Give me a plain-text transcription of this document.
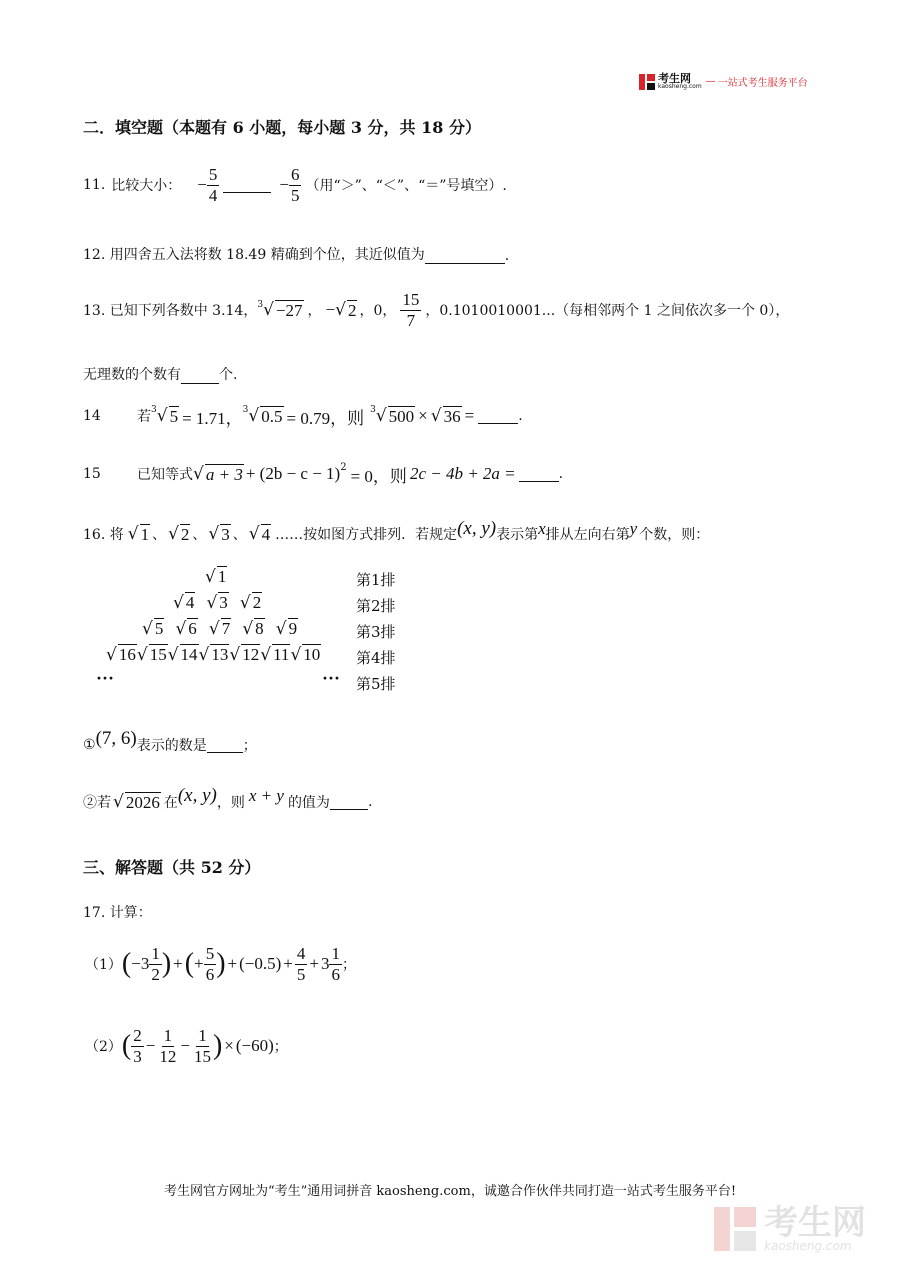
考生网
kaosheng.com — 一站式考生服务平台
二．填空题（本题有 6 小题，每小题 3 分，共 18 分）
11. 比较大小： − $\frac{5}{4}$	− $\frac{6}{5}$ （用“＞”、“＜”、“＝”号填空）.
12. 用四舍五入法将数 18.49 精确到个位，其近似值为	.
13. 已知下列各数中 3.14， 3 √ −27 ， − √ 2 ，0， $\frac{15}{7}$ ，0.1010010001...（每相邻两个 1 之间依次多一个 0），
无理数的个数有	个.
14	若 3 √ 5 = 1.71， 3 √ 0.5 = 0.79，则 3 √ 500 × √ 36 =	.
15	已知等式 √ a + 3 + (2b − c − 1) 2 = 0，则 2c − 4b + 2a =	.
16. 将 √ 1 、 √ 2 、 √ 3 、 √ 4 ……按如图方式排列．若规定 (x, y) 表示第 x 排从左向右第 y 个数，则：
√ 1
√ 4 √ 3 √ 2
√ 5 √ 6 √ 7 √ 8 √ 9
√ 16√ 15√ 14√ 13√ 12√ 11√ 10
···	···
第1排
第2排
第3排
第4排
第5排
① (7, 6) 表示的数是	；
②若 √ 2026 在 (x, y) ，则 x + y 的值为	.
三、解答题（共 52 分）
17. 计算：
（1） ( $-3 \frac{1}{2}$ ) + ( + $\frac{5}{6}$ ) + $(-0.5) + \frac{4}{5} + 3 \frac{1}{6}$ ；
（2） ( $\frac{2}{3} - \frac{1}{12} - \frac{1}{15}$ ) × (−60) ；
考生网官方网址为“考生”通用词拼音 kaosheng.com，诚邀合作伙伴共同打造一站式考生服务平台!
考生网
kaosheng.com
